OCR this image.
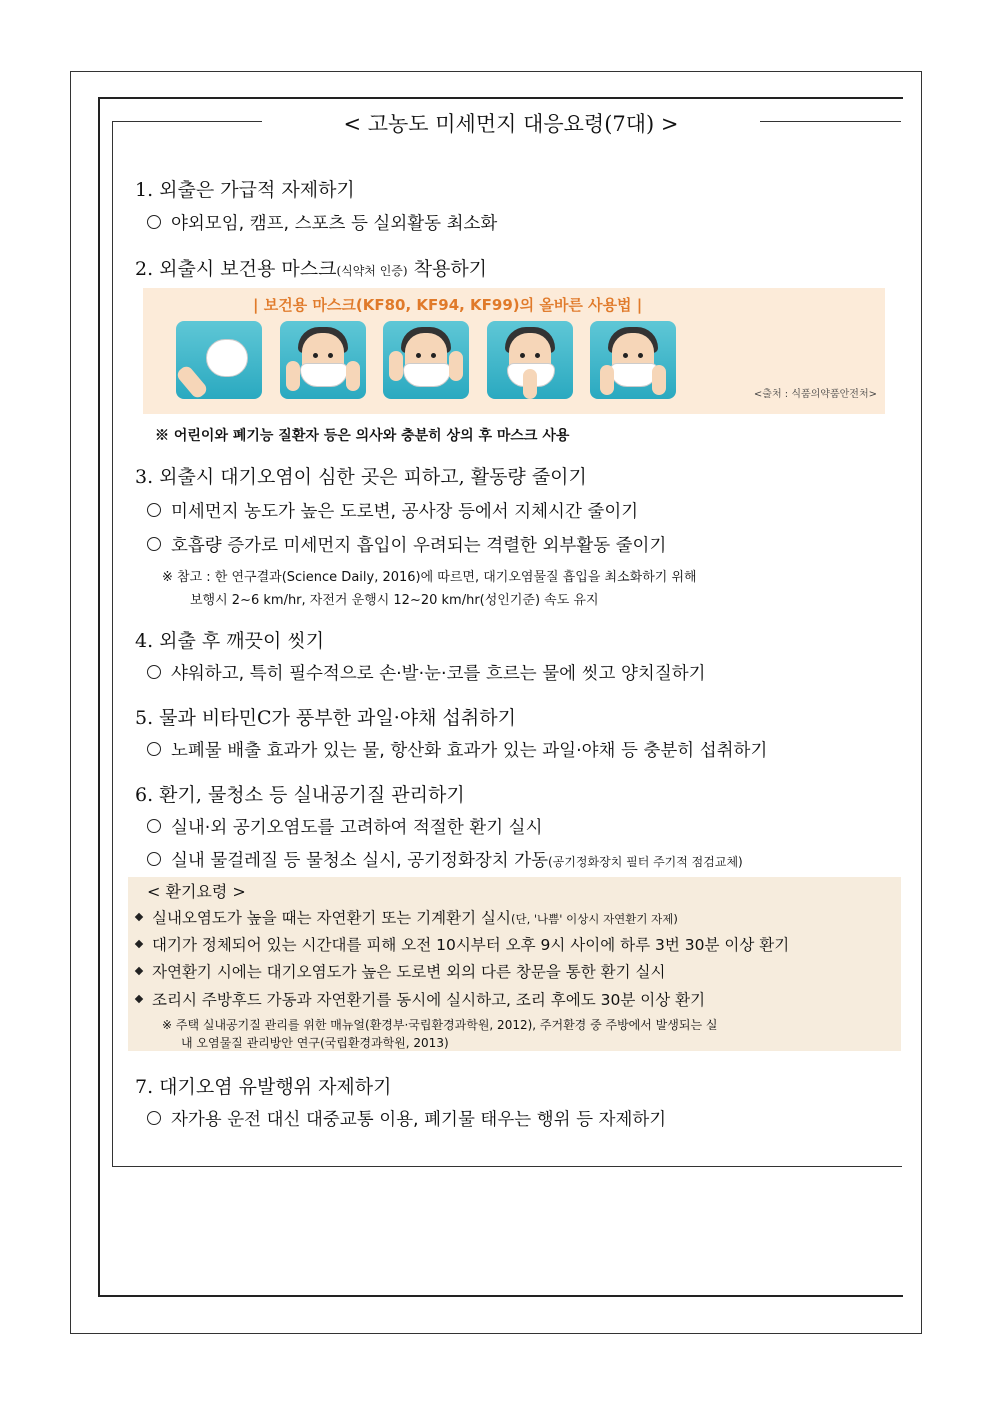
< 고농도 미세먼지 대응요령(7대) >
1. 외출은 가급적 자제하기
야외모임, 캠프, 스포츠 등 실외활동 최소화
2. 외출시 보건용 마스크(식약처 인증) 착용하기
| 보건용 마스크(KF80, KF94, KF99)의 올바른 사용법 |
<출처 : 식품의약품안전처>
※ 어린이와 폐기능 질환자 등은 의사와 충분히 상의 후 마스크 사용
3. 외출시 대기오염이 심한 곳은 피하고, 활동량 줄이기
미세먼지 농도가 높은 도로변, 공사장 등에서 지체시간 줄이기
호흡량 증가로 미세먼지 흡입이 우려되는 격렬한 외부활동 줄이기
※ 참고 : 한 연구결과(Science Daily, 2016)에 따르면, 대기오염물질 흡입을 최소화하기 위해
보행시 2~6 km/hr, 자전거 운행시 12~20 km/hr(성인기준) 속도 유지
4. 외출 후 깨끗이 씻기
샤워하고, 특히 필수적으로 손·발·눈·코를 흐르는 물에 씻고 양치질하기
5. 물과 비타민C가 풍부한 과일·야채 섭취하기
노폐물 배출 효과가 있는 물, 항산화 효과가 있는 과일·야채 등 충분히 섭취하기
6. 환기, 물청소 등 실내공기질 관리하기
실내·외 공기오염도를 고려하여 적절한 환기 실시
실내 물걸레질 등 물청소 실시, 공기정화장치 가동(공기정화장치 필터 주기적 점검교체)
< 환기요령 >
실내오염도가 높을 때는 자연환기 또는 기계환기 실시(단, '나쁨' 이상시 자연환기 자제)
대기가 정체되어 있는 시간대를 피해 오전 10시부터 오후 9시 사이에 하루 3번 30분 이상 환기
자연환기 시에는 대기오염도가 높은 도로변 외의 다른 창문을 통한 환기 실시
조리시 주방후드 가동과 자연환기를 동시에 실시하고, 조리 후에도 30분 이상 환기
※ 주택 실내공기질 관리를 위한 매뉴얼(환경부·국립환경과학원, 2012), 주거환경 중 주방에서 발생되는 실
내 오염물질 관리방안 연구(국립환경과학원, 2013)
7. 대기오염 유발행위 자제하기
자가용 운전 대신 대중교통 이용, 폐기물 태우는 행위 등 자제하기
